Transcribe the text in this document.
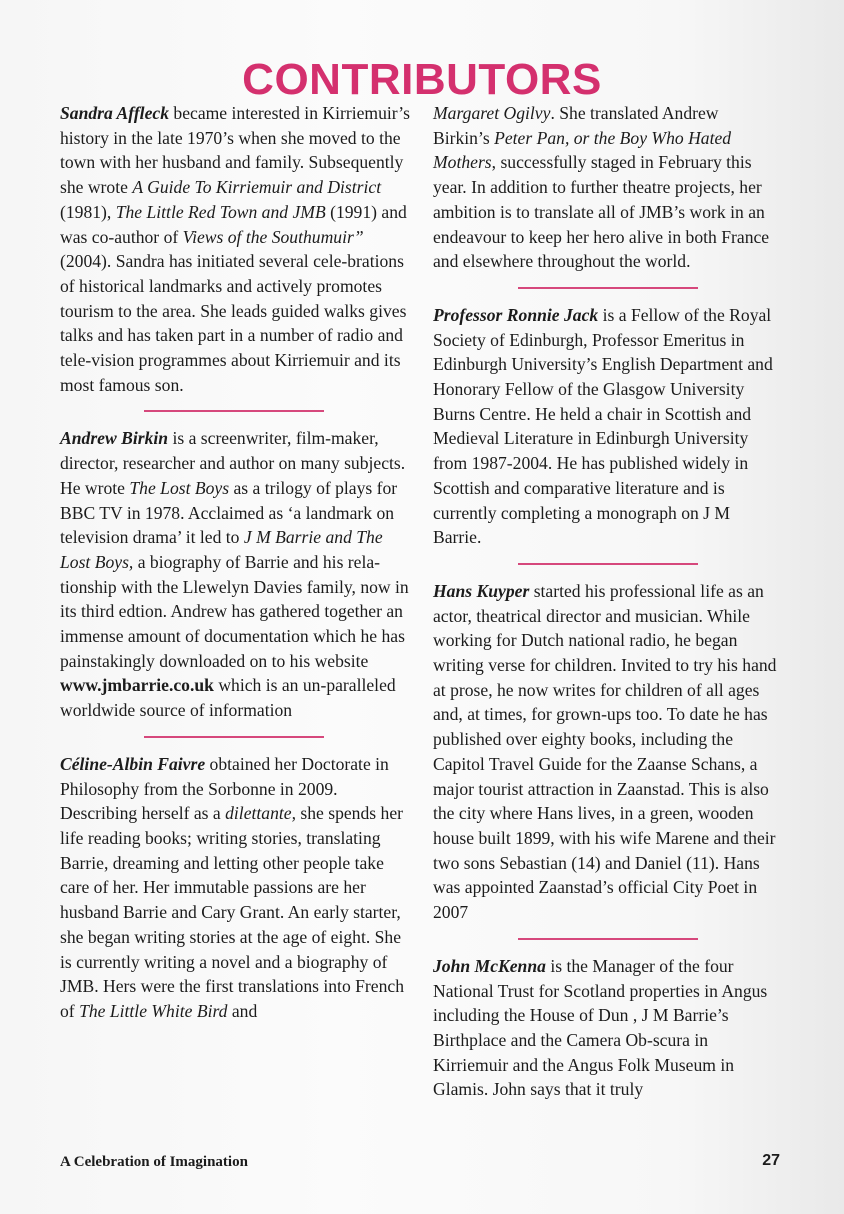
CONTRIBUTORS

Sandra Affleck became interested in Kirriemuir’s history in the late 1970’s when she moved to the town with her husband and family. Subsequently she wrote A Guide To Kirriemuir and District (1981), The Little Red Town and JMB (1991) and was co-author of Views of the Southumuir” (2004). Sandra has initiated several cele-brations of historical landmarks and actively promotes tourism to the area. She leads guided walks gives talks and has taken part in a number of radio and tele-vision programmes about Kirriemuir and its most famous son.

Andrew Birkin is a screenwriter, film-maker, director, researcher and author on many subjects. He wrote The Lost Boys as a trilogy of plays for BBC TV in 1978. Acclaimed as ‘a landmark on television drama’ it led to J M Barrie and The Lost Boys, a biography of Barrie and his rela-tionship with the Llewelyn Davies family, now in its third edtion. Andrew has gathered together an immense amount of documentation which he has painstakingly downloaded on to his website www.jmbarrie.co.uk which is an un-paralleled worldwide source of information

Céline-Albin Faivre obtained her Doctorate in Philosophy from the Sorbonne in 2009. Describing herself as a dilettante, she spends her life reading books; writing stories, translating Barrie, dreaming and letting other people take care of her. Her immutable passions are her husband Barrie and Cary Grant. An early starter, she began writing stories at the age of eight. She is currently writing a novel and a biography of JMB. Hers were the first translations into French of The Little White Bird and

Margaret Ogilvy. She translated Andrew Birkin’s Peter Pan, or the Boy Who Hated Mothers, successfully staged in February this year. In addition to further theatre projects, her ambition is to translate all of JMB’s work in an endeavour to keep her hero alive in both France and elsewhere throughout the world.

Professor Ronnie Jack is a Fellow of the Royal Society of Edinburgh, Professor Emeritus in Edinburgh University’s English Department and Honorary Fellow of the Glasgow University Burns Centre. He held a chair in Scottish and Medieval Literature in Edinburgh University from 1987-2004. He has published widely in Scottish and comparative literature and is currently completing a monograph on J M Barrie.

Hans Kuyper started his professional life as an actor, theatrical director and musician. While working for Dutch national radio, he began writing verse for children. Invited to try his hand at prose, he now writes for children of all ages and, at times, for grown-ups too. To date he has published over eighty books, including the Capitol Travel Guide for the Zaanse Schans, a major tourist attraction in Zaanstad. This is also the city where Hans lives, in a green, wooden house built 1899, with his wife Marene and their two sons Sebastian (14) and Daniel (11). Hans was appointed Zaanstad’s official City Poet in 2007

John McKenna is the Manager of the four National Trust for Scotland properties in Angus including the House of Dun , J M Barrie’s Birthplace and the Camera Ob-scura in Kirriemuir and the Angus Folk Museum in Glamis. John says that it truly

A Celebration of Imagination	27
